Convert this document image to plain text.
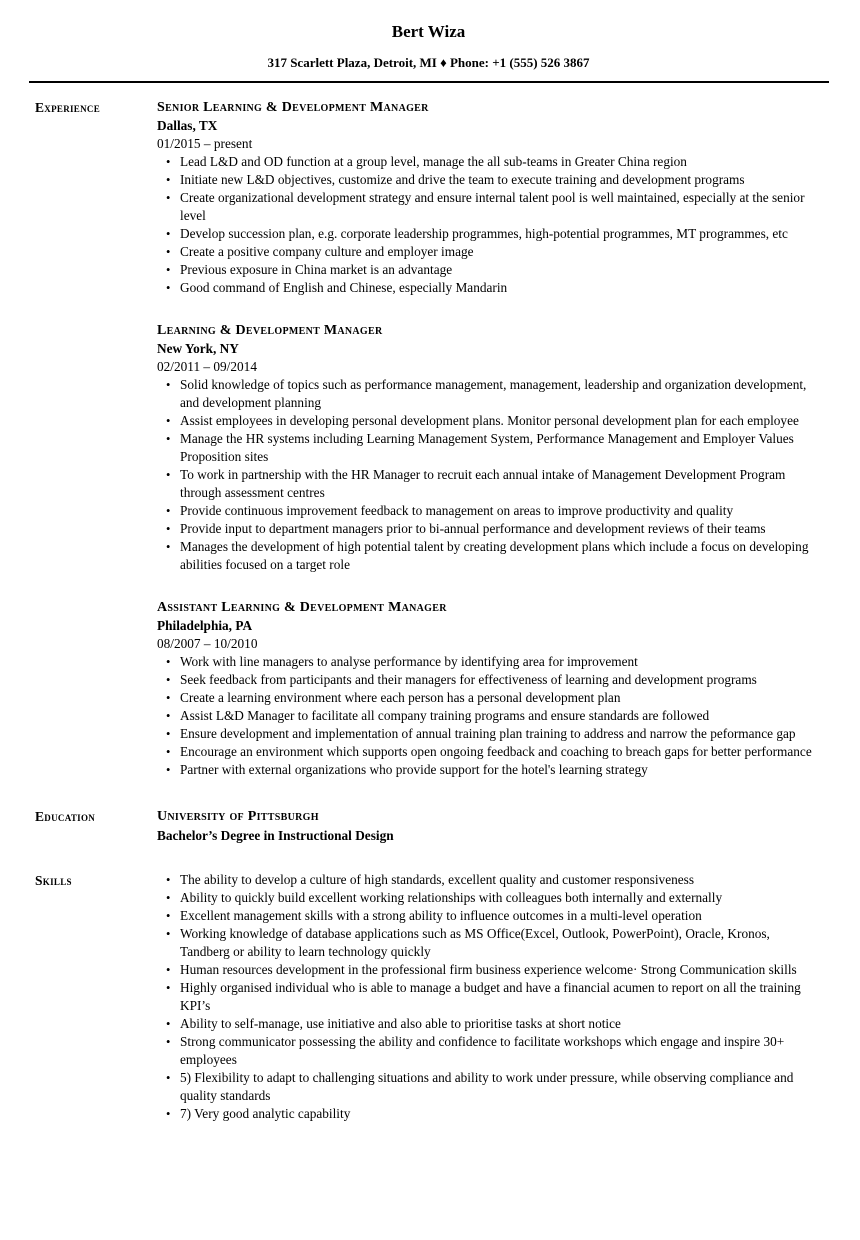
Bert Wiza
317 Scarlett Plaza, Detroit, MI ♦ Phone: +1 (555) 526 3867
Experience	Senior Learning & Development Manager
Dallas, TX
01/2015 – present
• Lead L&D and OD function at a group level, manage the all sub-teams in Greater China region
• Initiate new L&D objectives, customize and drive the team to execute training and development programs
• Create organizational development strategy and ensure internal talent pool is well maintained, especially at the senior level
• Develop succession plan, e.g. corporate leadership programmes, high-potential programmes, MT programmes, etc
• Create a positive company culture and employer image
• Previous exposure in China market is an advantage
• Good command of English and Chinese, especially Mandarin
Learning & Development Manager
New York, NY
02/2011 – 09/2014
• Solid knowledge of topics such as performance management, management, leadership and organization development, and development planning
• Assist employees in developing personal development plans. Monitor personal development plan for each employee
• Manage the HR systems including Learning Management System, Performance Management and Employer Values Proposition sites
• To work in partnership with the HR Manager to recruit each annual intake of Management Development Program through assessment centres
• Provide continuous improvement feedback to management on areas to improve productivity and quality
• Provide input to department managers prior to bi-annual performance and development reviews of their teams
• Manages the development of high potential talent by creating development plans which include a focus on developing abilities focused on a target role
Assistant Learning & Development Manager
Philadelphia, PA
08/2007 – 10/2010
• Work with line managers to analyse performance by identifying area for improvement
• Seek feedback from participants and their managers for effectiveness of learning and development programs
• Create a learning environment where each person has a personal development plan
• Assist L&D Manager to facilitate all company training programs and ensure standards are followed
• Ensure development and implementation of annual training plan training to address and narrow the peformance gap
• Encourage an environment which supports open ongoing feedback and coaching to breach gaps for better performance
• Partner with external organizations who provide support for the hotel's learning strategy
Education	University of Pittsburgh
Bachelor’s Degree in Instructional Design
Skills	• The ability to develop a culture of high standards, excellent quality and customer responsiveness
• Ability to quickly build excellent working relationships with colleagues both internally and externally
• Excellent management skills with a strong ability to influence outcomes in a multi-level operation
• Working knowledge of database applications such as MS Office(Excel, Outlook, PowerPoint), Oracle, Kronos, Tandberg or ability to learn technology quickly
• Human resources development in the professional firm business experience welcome· Strong Communication skills
• Highly organised individual who is able to manage a budget and have a financial acumen to report on all the training KPI’s
• Ability to self-manage, use initiative and also able to prioritise tasks at short notice
• Strong communicator possessing the ability and confidence to facilitate workshops which engage and inspire 30+ employees
• 5) Flexibility to adapt to challenging situations and ability to work under pressure, while observing compliance and quality standards
• 7) Very good analytic capability
